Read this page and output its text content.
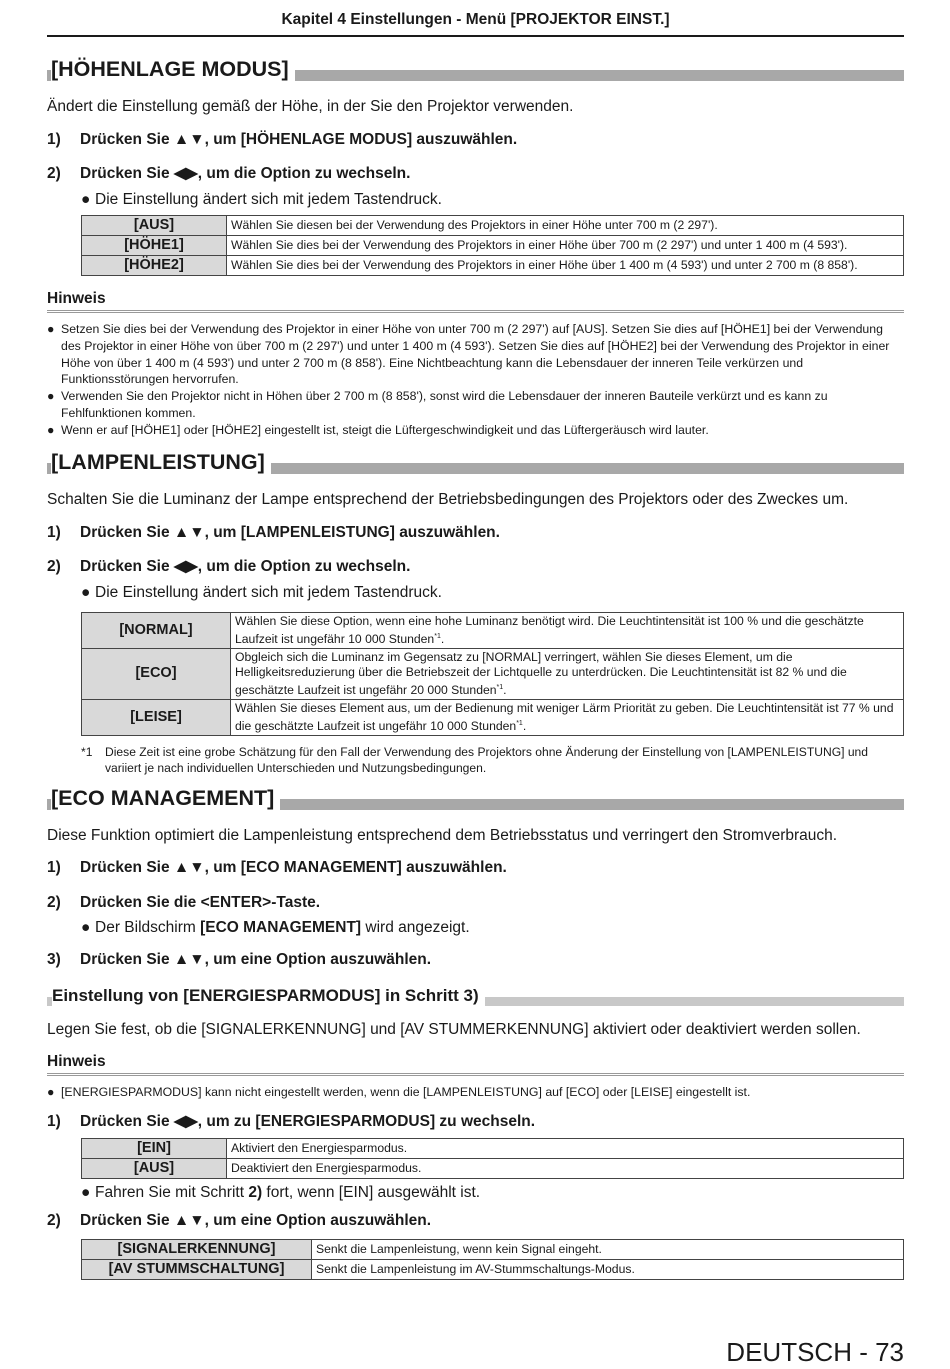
Kapitel 4 Einstellungen - Menü [PROJEKTOR EINST.]
[HÖHENLAGE MODUS]

Ändert die Einstellung gemäß der Höhe, in der Sie den Projektor verwenden.

1)	Drücken Sie ▲▼, um [HÖHENLAGE MODUS] auszuwählen.
2)	Drücken Sie ◀▶, um die Option zu wechseln.
● Die Einstellung ändert sich mit jedem Tastendruck.
[AUS]	Wählen Sie diesen bei der Verwendung des Projektors in einer Höhe unter 700 m (2 297').
[HÖHE1]	Wählen Sie dies bei der Verwendung des Projektors in einer Höhe über 700 m (2 297') und unter 1 400 m (4 593').
[HÖHE2]	Wählen Sie dies bei der Verwendung des Projektors in einer Höhe über 1 400 m (4 593') und unter 2 700 m (8 858').
Hinweis
● Setzen Sie dies bei der Verwendung des Projektor in einer Höhe von unter 700 m (2 297') auf [AUS]. Setzen Sie dies auf [HÖHE1] bei der Verwendung des Projektor in einer Höhe von über 700 m (2 297') und unter 1 400 m (4 593'). Setzen Sie dies auf [HÖHE2] bei der Verwendung des Projektor in einer Höhe von über 1 400 m (4 593') und unter 2 700 m (8 858'). Eine Nichtbeachtung kann die Lebensdauer der inneren Teile verkürzen und Funktionsstörungen hervorrufen.
● Verwenden Sie den Projektor nicht in Höhen über 2 700 m (8 858'), sonst wird die Lebensdauer der inneren Bauteile verkürzt und es kann zu Fehlfunktionen kommen.
● Wenn er auf [HÖHE1] oder [HÖHE2] eingestellt ist, steigt die Lüftergeschwindigkeit und das Lüftergeräusch wird lauter.
[LAMPENLEISTUNG]

Schalten Sie die Luminanz der Lampe entsprechend der Betriebsbedingungen des Projektors oder des Zweckes um.

1)	Drücken Sie ▲▼, um [LAMPENLEISTUNG] auszuwählen.
2)	Drücken Sie ◀▶, um die Option zu wechseln.
● Die Einstellung ändert sich mit jedem Tastendruck.
[NORMAL]	Wählen Sie diese Option, wenn eine hohe Luminanz benötigt wird. Die Leuchtintensität ist 100 % und die geschätzte Laufzeit ist ungefähr 10 000 Stunden$^{*1}$.
[ECO]	Obgleich sich die Luminanz im Gegensatz zu [NORMAL] verringert, wählen Sie dieses Element, um die Helligkeitsreduzierung über die Betriebszeit der Lichtquelle zu unterdrücken. Die Leuchtintensität ist 82 % und die geschätzte Laufzeit ist ungefähr 20 000 Stunden$^{*1}$.
[LEISE]	Wählen Sie dieses Element aus, um der Bedienung mit weniger Lärm Priorität zu geben. Die Leuchtintensität ist 77 % und die geschätzte Laufzeit ist ungefähr 10 000 Stunden$^{*1}$.
*1	Diese Zeit ist eine grobe Schätzung für den Fall der Verwendung des Projektors ohne Änderung der Einstellung von [LAMPENLEISTUNG] und variiert je nach individuellen Unterschieden und Nutzungsbedingungen.
[ECO MANAGEMENT]

Diese Funktion optimiert die Lampenleistung entsprechend dem Betriebsstatus und verringert den Stromverbrauch.

1)	Drücken Sie ▲▼, um [ECO MANAGEMENT] auszuwählen.
2)	Drücken Sie die <ENTER>-Taste.
● Der Bildschirm [ECO MANAGEMENT] wird angezeigt.
3)	Drücken Sie ▲▼, um eine Option auszuwählen.
Einstellung von [ENERGIESPARMODUS] in Schritt 3)

Legen Sie fest, ob die [SIGNALERKENNUNG] und [AV STUMMERKENNUNG] aktiviert oder deaktiviert werden sollen.

Hinweis
● [ENERGIESPARMODUS] kann nicht eingestellt werden, wenn die [LAMPENLEISTUNG] auf [ECO] oder [LEISE] eingestellt ist.
1)	Drücken Sie ◀▶, um zu [ENERGIESPARMODUS] zu wechseln.
[EIN]	Aktiviert den Energiesparmodus.
[AUS]	Deaktiviert den Energiesparmodus.
● Fahren Sie mit Schritt 2) fort, wenn [EIN] ausgewählt ist.
2)	Drücken Sie ▲▼, um eine Option auszuwählen.
[SIGNALERKENNUNG]	Senkt die Lampenleistung, wenn kein Signal eingeht.
[AV STUMMSCHALTUNG]	Senkt die Lampenleistung im AV-Stummschaltungs-Modus.
DEUTSCH - 73
